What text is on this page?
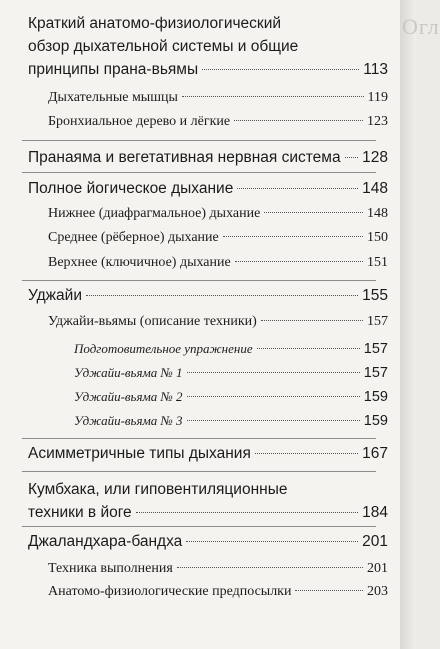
Краткий анатомо-физиологический
обзор дыхательной системы и общие
принципы прана-вьямы	113
Дыхательные мышцы	119
Бронхиальное дерево и лёгкие	123
Пранаяма и вегетативная нервная система 128
Полное йогическое дыхание	148
Нижнее (диафрагмальное) дыхание	148
Среднее (рёберное) дыхание	150
Верхнее (ключичное) дыхание	151
Уджайи	155
Уджайи-вьямы (описание техники)	157
Подготовительное упражнение	157
Уджайи-вьяма № 1	157
Уджайи-вьяма № 2	159
Уджайи-вьяма № 3	159
Асимметричные типы дыхания	167
Кумбхака, или гиповентиляционные
техники в йоге	184
Джаландхара-бандха	201
Техника выполнения	201
Анатомо-физиологические предпосылки	203
Огл
